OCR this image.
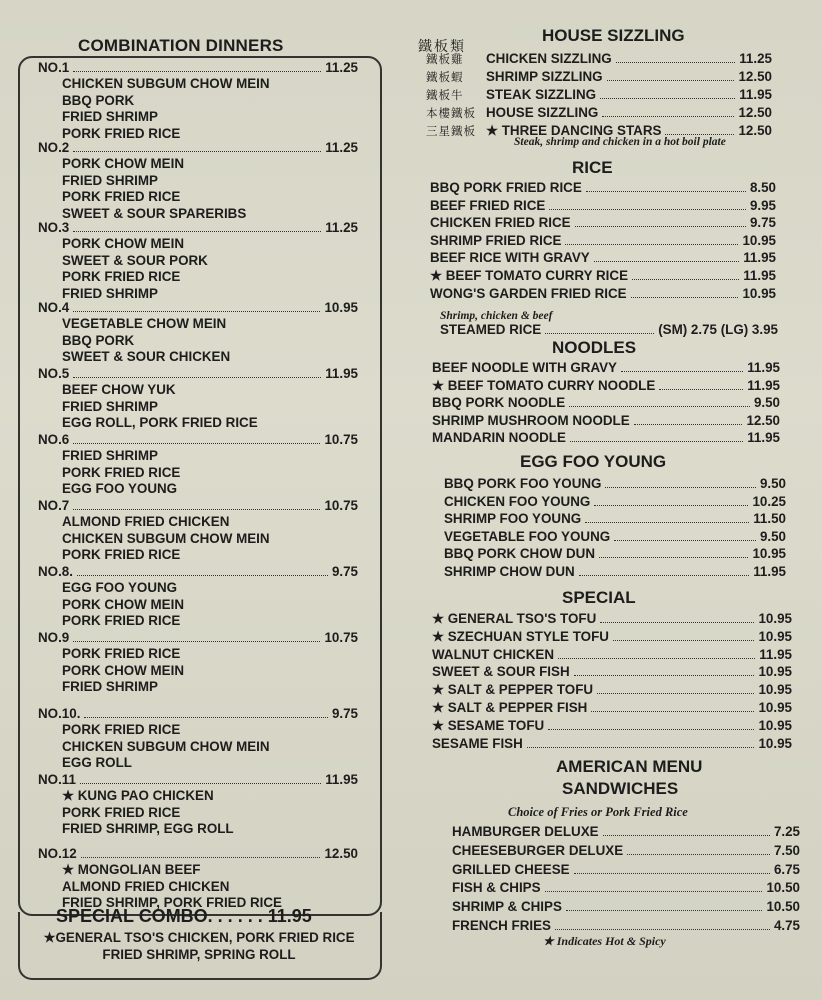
COMBINATION DINNERS
NO.1	11.25
CHICKEN SUBGUM CHOW MEIN
BBQ PORK
FRIED SHRIMP
PORK FRIED RICE
NO.2	11.25
PORK CHOW MEIN
FRIED SHRIMP
PORK FRIED RICE
SWEET & SOUR SPARERIBS
NO.3	11.25
PORK CHOW MEIN
SWEET & SOUR PORK
PORK FRIED RICE
FRIED SHRIMP
NO.4	10.95
VEGETABLE CHOW MEIN
BBQ PORK
SWEET & SOUR CHICKEN
NO.5	11.95
BEEF CHOW YUK
FRIED SHRIMP
EGG ROLL, PORK FRIED RICE
NO.6	10.75
FRIED SHRIMP
PORK FRIED RICE
EGG FOO YOUNG
NO.7	10.75
ALMOND FRIED CHICKEN
CHICKEN SUBGUM CHOW MEIN
PORK FRIED RICE
NO.8.	9.75
EGG FOO YOUNG
PORK CHOW MEIN
PORK FRIED RICE
NO.9	10.75
PORK FRIED RICE
PORK CHOW MEIN
FRIED SHRIMP
NO.10.	9.75
PORK FRIED RICE
CHICKEN SUBGUM CHOW MEIN
EGG ROLL
NO.11	11.95
★ KUNG PAO CHICKEN
PORK FRIED RICE
FRIED SHRIMP, EGG ROLL
NO.12	12.50
★ MONGOLIAN BEEF
ALMOND FRIED CHICKEN
FRIED SHRIMP, PORK FRIED RICE
SPECIAL COMBO. . . . . . 11.95
★GENERAL TSO'S CHICKEN, PORK FRIED RICE
FRIED SHRIMP, SPRING ROLL
鐵板類
HOUSE SIZZLING
鐵板雞	CHICKEN SIZZLING	11.25
鐵板蝦	SHRIMP SIZZLING	12.50
鐵板牛	STEAK SIZZLING	11.95
本樓鐵板 HOUSE SIZZLING	12.50
三星鐵板 ★ THREE DANCING STARS	12.50
Steak, shrimp and chicken in a hot boil plate
RICE
BBQ PORK FRIED RICE	8.50
BEEF FRIED RICE	9.95
CHICKEN FRIED RICE	9.75
SHRIMP FRIED RICE	10.95
BEEF RICE WITH GRAVY	11.95
★ BEEF TOMATO CURRY RICE	11.95
WONG'S GARDEN FRIED RICE	10.95
Shrimp, chicken & beef
STEAMED RICE	(SM) 2.75 (LG) 3.95
NOODLES
BEEF NOODLE WITH GRAVY	11.95
★ BEEF TOMATO CURRY NOODLE	11.95
BBQ PORK NOODLE	9.50
SHRIMP MUSHROOM NOODLE	12.50
MANDARIN NOODLE	11.95
EGG FOO YOUNG
BBQ PORK FOO YOUNG	9.50
CHICKEN FOO YOUNG	10.25
SHRIMP FOO YOUNG	11.50
VEGETABLE FOO YOUNG	9.50
BBQ PORK CHOW DUN	10.95
SHRIMP CHOW DUN	11.95
SPECIAL
★ GENERAL TSO'S TOFU	10.95
★ SZECHUAN STYLE TOFU	10.95
WALNUT CHICKEN	11.95
SWEET & SOUR FISH	10.95
★ SALT & PEPPER TOFU	10.95
★ SALT & PEPPER FISH	10.95
★ SESAME TOFU	10.95
SESAME FISH	10.95
AMERICAN MENU
SANDWICHES
Choice of Fries or Pork Fried Rice
HAMBURGER DELUXE	7.25
CHEESEBURGER DELUXE	7.50
GRILLED CHEESE	6.75
FISH & CHIPS	10.50
SHRIMP & CHIPS	10.50
FRENCH FRIES	4.75
★ Indicates Hot & Spicy
